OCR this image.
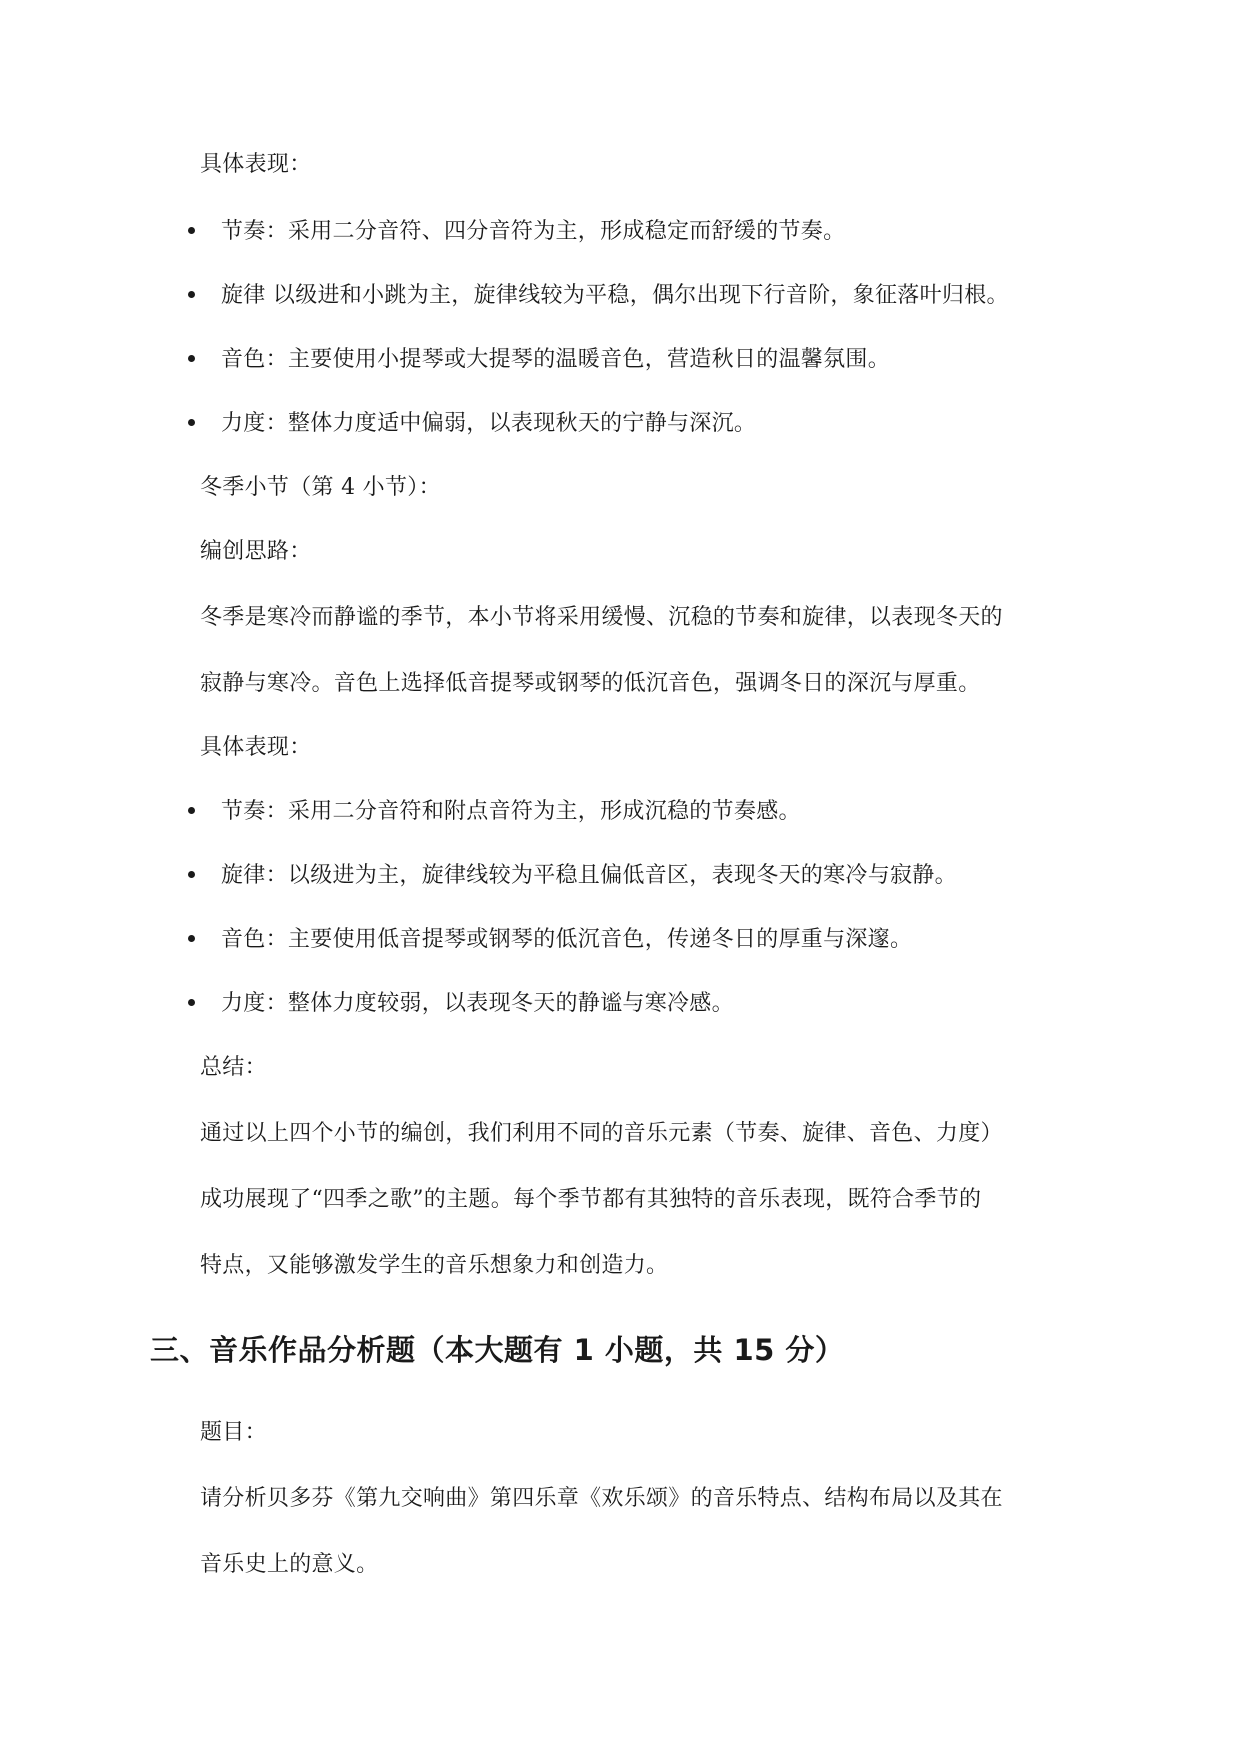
具体表现：
节奏：采用二分音符、四分音符为主，形成稳定而舒缓的节奏。
旋律 以级进和小跳为主，旋律线较为平稳，偶尔出现下行音阶，象征落叶归根。
音色：主要使用小提琴或大提琴的温暖音色，营造秋日的温馨氛围。
力度：整体力度适中偏弱，以表现秋天的宁静与深沉。
冬季小节（第 4 小节）：
编创思路：
冬季是寒冷而静谧的季节，本小节将采用缓慢、沉稳的节奏和旋律，以表现冬天的
寂静与寒冷。音色上选择低音提琴或钢琴的低沉音色，强调冬日的深沉与厚重。
具体表现：
节奏：采用二分音符和附点音符为主，形成沉稳的节奏感。
旋律：以级进为主，旋律线较为平稳且偏低音区，表现冬天的寒冷与寂静。
音色：主要使用低音提琴或钢琴的低沉音色，传递冬日的厚重与深邃。
力度：整体力度较弱，以表现冬天的静谧与寒冷感。
总结：
通过以上四个小节的编创，我们利用不同的音乐元素（节奏、旋律、音色、力度）
成功展现了“四季之歌”的主题。每个季节都有其独特的音乐表现，既符合季节的
特点，又能够激发学生的音乐想象力和创造力。
三、音乐作品分析题（本大题有 1 小题，共 15 分）
题目：
请分析贝多芬《第九交响曲》第四乐章《欢乐颂》的音乐特点、结构布局以及其在
音乐史上的意义。
